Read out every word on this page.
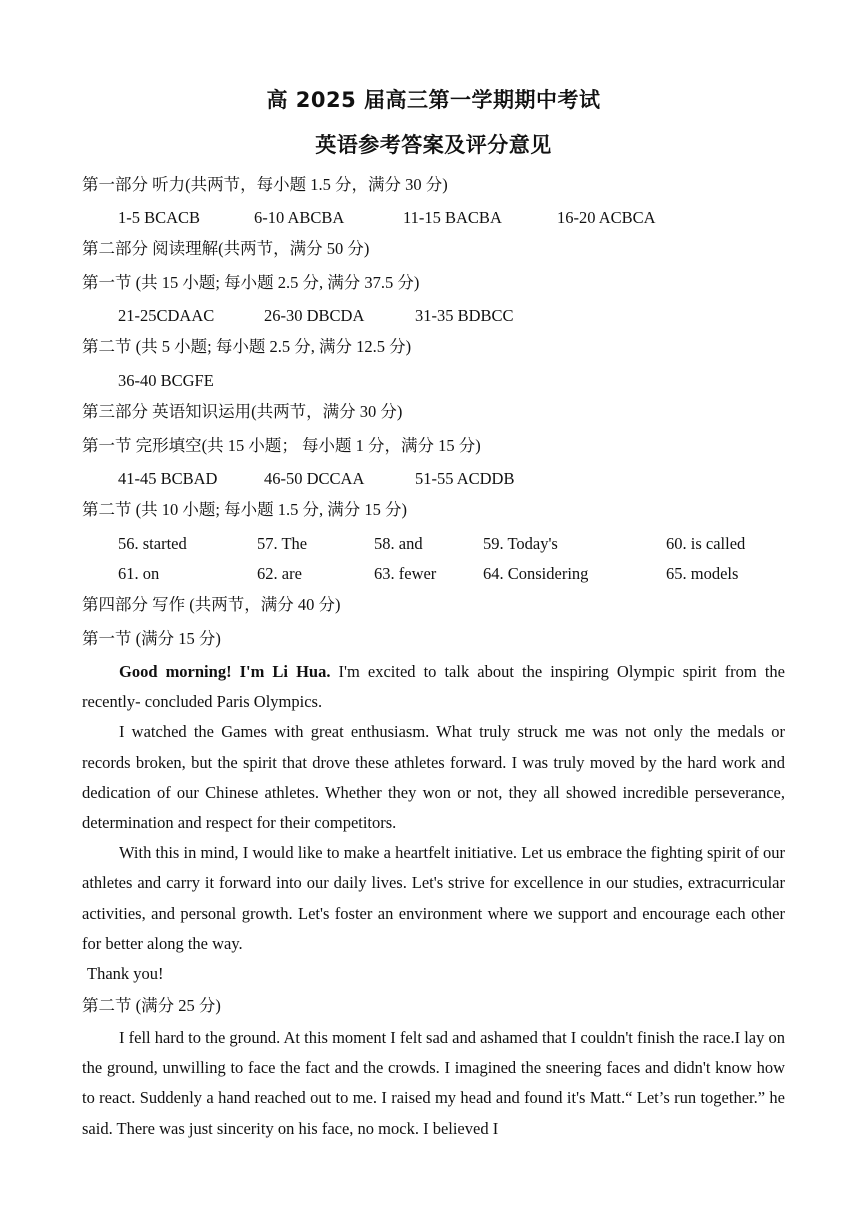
高 2025 届高三第一学期期中考试
英语参考答案及评分意见
第一部分 听力(共两节，每小题 1.5 分，满分 30 分)
1-5 BCACB	6-10 ABCBA	11-15 BACBA	16-20 ACBCA
第二部分 阅读理解(共两节，满分 50 分)
第一节 (共 15 小题; 每小题 2.5 分, 满分 37.5 分)
21-25CDAAC	26-30 DBCDA	31-35 BDBCC
第二节 (共 5 小题; 每小题 2.5 分, 满分 12.5 分)
36-40 BCGFE
第三部分 英语知识运用(共两节，满分 30 分)
第一节 完形填空(共 15 小题； 每小题 1 分，满分 15 分)
41-45 BCBAD	46-50 DCCAA	51-55 ACDDB
第二节 (共 10 小题; 每小题 1.5 分, 满分 15 分)
56. started	57. The	58. and	59. Today's	60. is called
61. on	62. are	63. fewer	64. Considering	65. models
第四部分 写作 (共两节，满分 40 分)
第一节 (满分 15 分)

Good morning! I'm Li Hua. I'm excited to talk about the inspiring Olympic spirit from the recently- concluded Paris Olympics.

I watched the Games with great enthusiasm. What truly struck me was not only the medals or records broken, but the spirit that drove these athletes forward. I was truly moved by the hard work and dedication of our Chinese athletes. Whether they won or not, they all showed incredible perseverance, determination and respect for their competitors.

With this in mind, I would like to make a heartfelt initiative. Let us embrace the fighting spirit of our athletes and carry it forward into our daily lives. Let's strive for excellence in our studies, extracurricular activities, and personal growth. Let's foster an environment where we support and encourage each other for better along the way.

Thank you!
第二节 (满分 25 分)

I fell hard to the ground. At this moment I felt sad and ashamed that I couldn't finish the race.I lay on the ground, unwilling to face the fact and the crowds. I imagined the sneering faces and didn't know how to react. Suddenly a hand reached out to me. I raised my head and found it's Matt.“ Let’s run together.” he said. There was just sincerity on his face, no mock. I believed I
